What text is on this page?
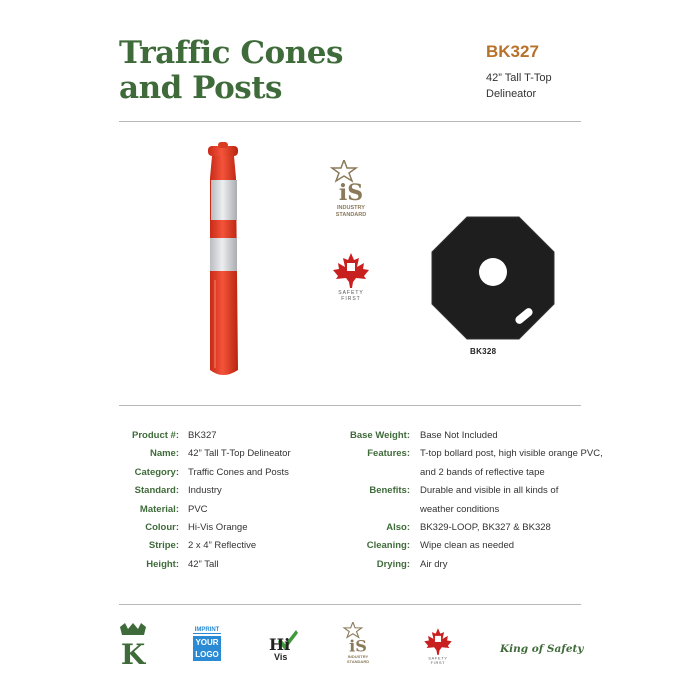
Traffic Cones
and Posts
BK327
42” Tall T-Top
Delineator
iS
INDUSTRY
STANDARD
SAFETY
FIRST
BK328
Product #: BK327
Name: 42” Tall T-Top Delineator
Category: Traffic Cones and Posts
Standard: Industry
Material: PVC
Colour: Hi-Vis Orange
Stripe: 2 x 4” Reflective
Height: 42” Tall
Base Weight: Base Not Included
Features: T-top bollard post, high visible orange PVC,
and 2 bands of reflective tape
Benefits: Durable and visible in all kinds of
weather conditions
Also: BK329-LOOP, BK327 & BK328
Cleaning: Wipe clean as needed
Drying: Air dry
K
IMPRINT
YOUR
LOGO
Hi
Vis
iS
INDUSTRY
STANDARD
SAFETY
FIRST
King of Safety
